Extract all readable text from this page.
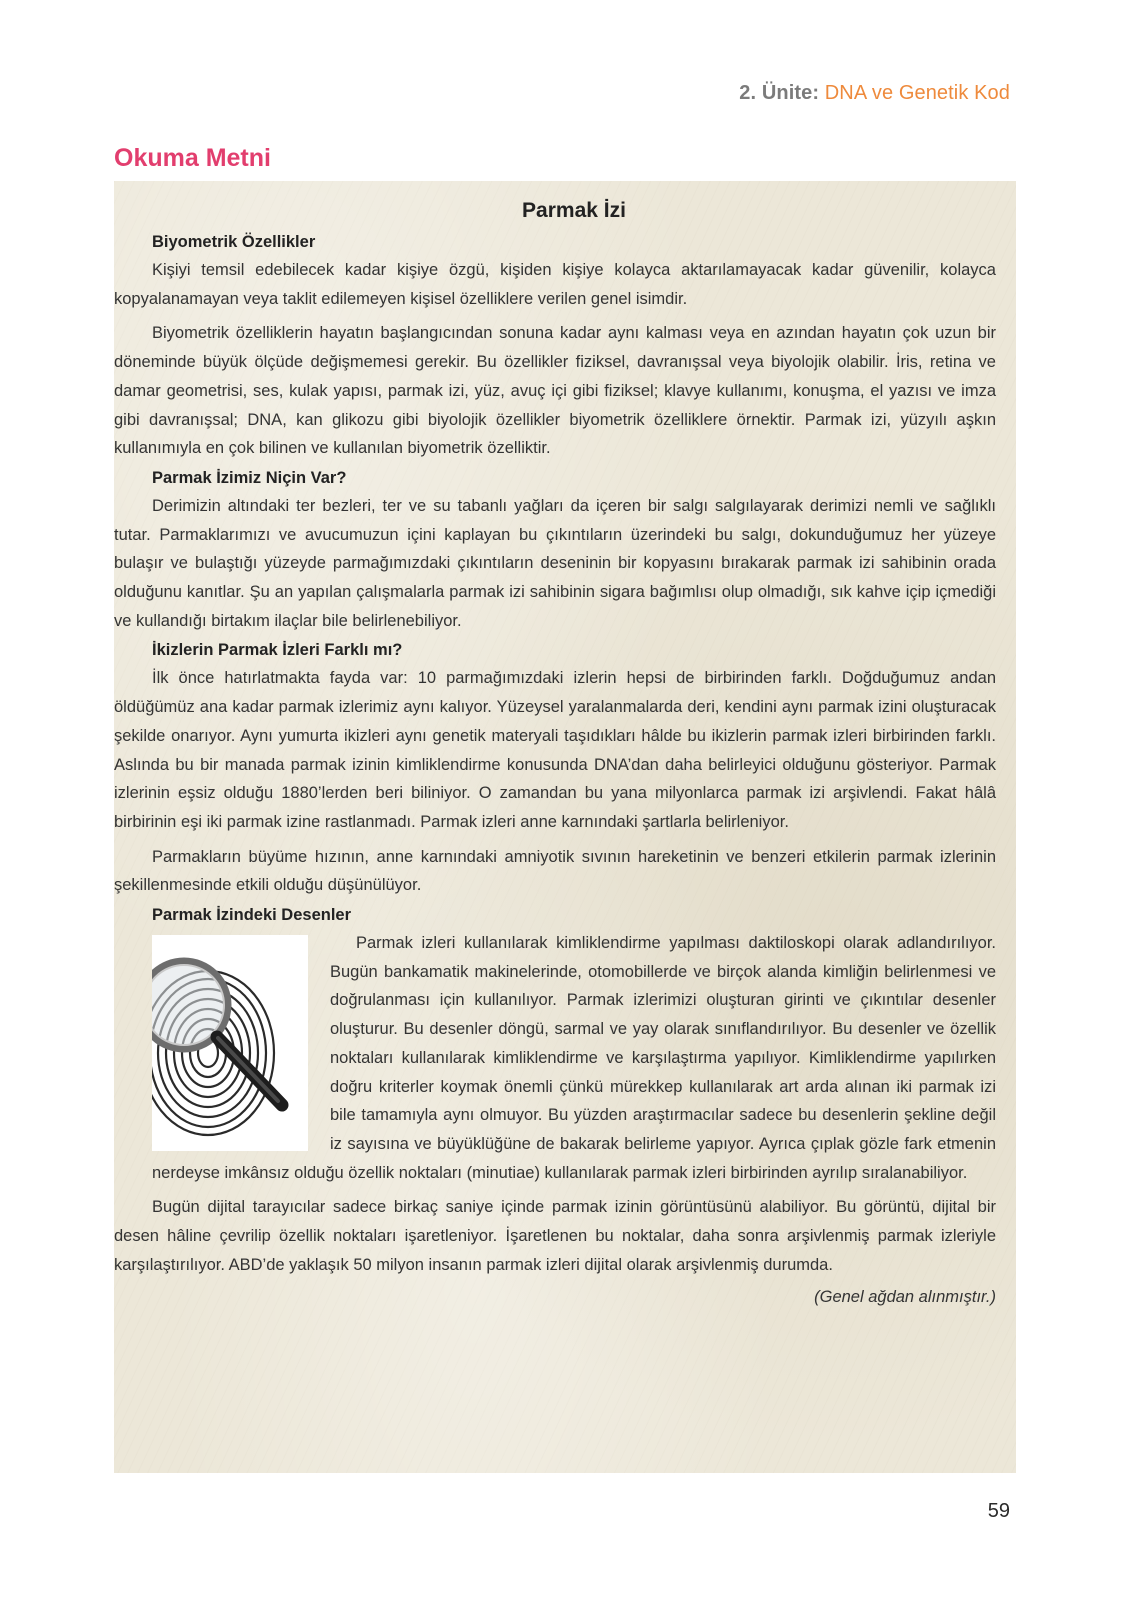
2. Ünite: DNA ve Genetik Kod
Okuma Metni
Parmak İzi
Biyometrik Özellikler

Kişiyi temsil edebilecek kadar kişiye özgü, kişiden kişiye kolayca aktarılamayacak kadar güvenilir, kolayca kopyalanamayan veya taklit edilemeyen kişisel özelliklere verilen genel isimdir.

Biyometrik özelliklerin hayatın başlangıcından sonuna kadar aynı kalması veya en azından hayatın çok uzun bir döneminde büyük ölçüde değişmemesi gerekir. Bu özellikler fiziksel, davranışsal veya biyolojik olabilir. İris, retina ve damar geometrisi, ses, kulak yapısı, parmak izi, yüz, avuç içi gibi fiziksel; klavye kullanımı, konuşma, el yazısı ve imza gibi davranışsal; DNA, kan glikozu gibi biyolojik özellikler biyometrik özelliklere örnektir. Parmak izi, yüzyılı aşkın kullanımıyla en çok bilinen ve kullanılan biyometrik özelliktir.

Parmak İzimiz Niçin Var?

Derimizin altındaki ter bezleri, ter ve su tabanlı yağları da içeren bir salgı salgılayarak derimizi nemli ve sağlıklı tutar. Parmaklarımızı ve avucumuzun içini kaplayan bu çıkıntıların üzerindeki bu salgı, dokunduğumuz her yüzeye bulaşır ve bulaştığı yüzeyde parmağımızdaki çıkıntıların deseninin bir kopyasını bırakarak parmak izi sahibinin orada olduğunu kanıtlar. Şu an yapılan çalışmalarla parmak izi sahibinin sigara bağımlısı olup olmadığı, sık kahve içip içmediği ve kullandığı birtakım ilaçlar bile belirlenebiliyor.

İkizlerin Parmak İzleri Farklı mı?

İlk önce hatırlatmakta fayda var: 10 parmağımızdaki izlerin hepsi de birbirinden farklı. Doğduğumuz andan öldüğümüz ana kadar parmak izlerimiz aynı kalıyor. Yüzeysel yaralanmalarda deri, kendini aynı parmak izini oluşturacak şekilde onarıyor. Aynı yumurta ikizleri aynı genetik materyali taşıdıkları hâlde bu ikizlerin parmak izleri birbirinden farklı. Aslında bu bir manada parmak izinin kimliklendirme konusunda DNA’dan daha belirleyici olduğunu gösteriyor. Parmak izlerinin eşsiz olduğu 1880’lerden beri biliniyor. O zamandan bu yana milyonlarca parmak izi arşivlendi. Fakat hâlâ birbirinin eşi iki parmak izine rastlanmadı. Parmak izleri anne karnındaki şartlarla belirleniyor.

Parmakların büyüme hızının, anne karnındaki amniyotik sıvının hareketinin ve benzeri etkilerin parmak izlerinin şekillenmesinde etkili olduğu düşünülüyor.

Parmak İzindeki Desenler

Parmak izleri kullanılarak kimliklendirme yapılması daktiloskopi olarak adlandırılıyor. Bugün bankamatik makinelerinde, otomobillerde ve birçok alanda kimliğin belirlenmesi ve doğrulanması için kullanılıyor. Parmak izlerimizi oluşturan girinti ve çıkıntılar desenler oluşturur. Bu desenler döngü, sarmal ve yay olarak sınıflandırılıyor. Bu desenler ve özellik noktaları kullanılarak kimliklendirme ve karşılaştırma yapılıyor. Kimliklendirme yapılırken doğru kriterler koymak önemli çünkü mürekkep kullanılarak art arda alınan iki parmak izi bile tamamıyla aynı olmuyor. Bu yüzden araştırmacılar sadece bu desenlerin şekline değil iz sayısına ve büyüklüğüne de bakarak belirleme yapıyor. Ayrıca çıplak gözle fark etmenin nerdeyse imkânsız olduğu özellik noktaları (minutiae) kullanılarak parmak izleri birbirinden ayrılıp sıralanabiliyor.

Bugün dijital tarayıcılar sadece birkaç saniye içinde parmak izinin görüntüsünü alabiliyor. Bu görüntü, dijital bir desen hâline çevrilip özellik noktaları işaretleniyor. İşaretlenen bu noktalar, daha sonra arşivlenmiş parmak izleriyle karşılaştırılıyor. ABD’de yaklaşık 50 milyon insanın parmak izleri dijital olarak arşivlenmiş durumda.

(Genel ağdan alınmıştır.)
59
